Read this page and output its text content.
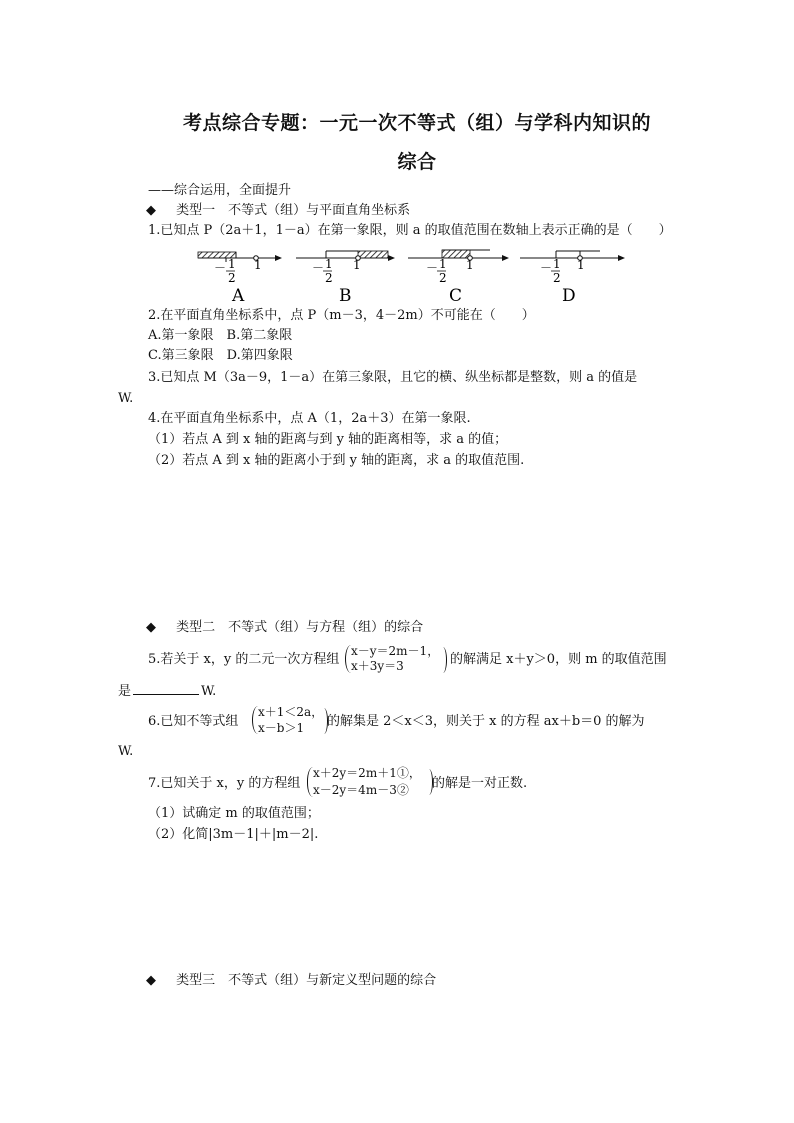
考点综合专题：一元一次不等式（组）与学科内知识的
综合
——综合运用，全面提升
◆ 类型一　不等式（组）与平面直角坐标系
1.已知点 P（2a＋1，1－a）在第一象限，则 a 的取值范围在数轴上表示正确的是（　　）
－ 1
2
1
A
－ 1
2
1
B
－ 1
2
1
C
－ 1
2
1
D
2.在平面直角坐标系中，点 P（m－3，4－2m）不可能在（　　）
A.第一象限　B.第二象限
C.第三象限　D.第四象限
3.已知点 M（3a－9，1－a）在第三象限，且它的横、纵坐标都是整数，则 a 的值是
W.
4.在平面直角坐标系中，点 A（1，2a＋3）在第一象限.
（1）若点 A 到 x 轴的距离与到 y 轴的距离相等，求 a 的值；
（2）若点 A 到 x 轴的距离小于到 y 轴的距离，求 a 的取值范围.
◆ 类型二　不等式（组）与方程（组）的综合
5.若关于 x，y 的二元一次方程组
x－y＝2m－1，
x＋3y＝3	的解满足 x＋y＞0，则 m 的取值范围
是	W.
6.已知不等式组
x＋1＜2a，
x－b＞1 的解集是 2＜x＜3，则关于 x 的方程 ax＋b＝0 的解为
W.
7.已知关于 x，y 的方程组
x＋2y＝2m＋1①，
x－2y＝4m－3② 的解是一对正数.
（1）试确定 m 的取值范围；
（2）化简|3m－1|＋|m－2|.
◆ 类型三　不等式（组）与新定义型问题的综合
